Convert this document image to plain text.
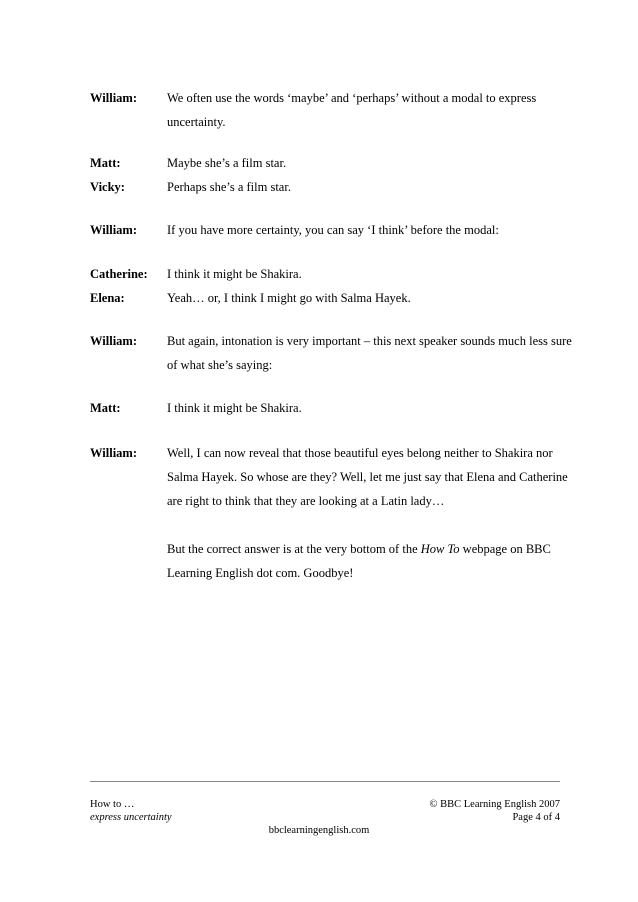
William:	We often use the words ‘maybe’ and ‘perhaps’ without a modal to express uncertainty.

Matt:	Maybe she’s a film star.

Vicky:	Perhaps she’s a film star.

William:	If you have more certainty, you can say ‘I think’ before the modal:

Catherine:	I think it might be Shakira.

Elena:	Yeah… or, I think I might go with Salma Hayek.

William:	But again, intonation is very important – this next speaker sounds much less sure of what she’s saying:

Matt:	I think it might be Shakira.

William:	Well, I can now reveal that those beautiful eyes belong neither to Shakira nor Salma Hayek. So whose are they? Well, let me just say that Elena and Catherine are right to think that they are looking at a Latin lady…

But the correct answer is at the very bottom of the How To webpage on BBC Learning English dot com. Goodbye!

How to …
express uncertainty
© BBC Learning English 2007
Page 4 of 4
bbclearningenglish.com
